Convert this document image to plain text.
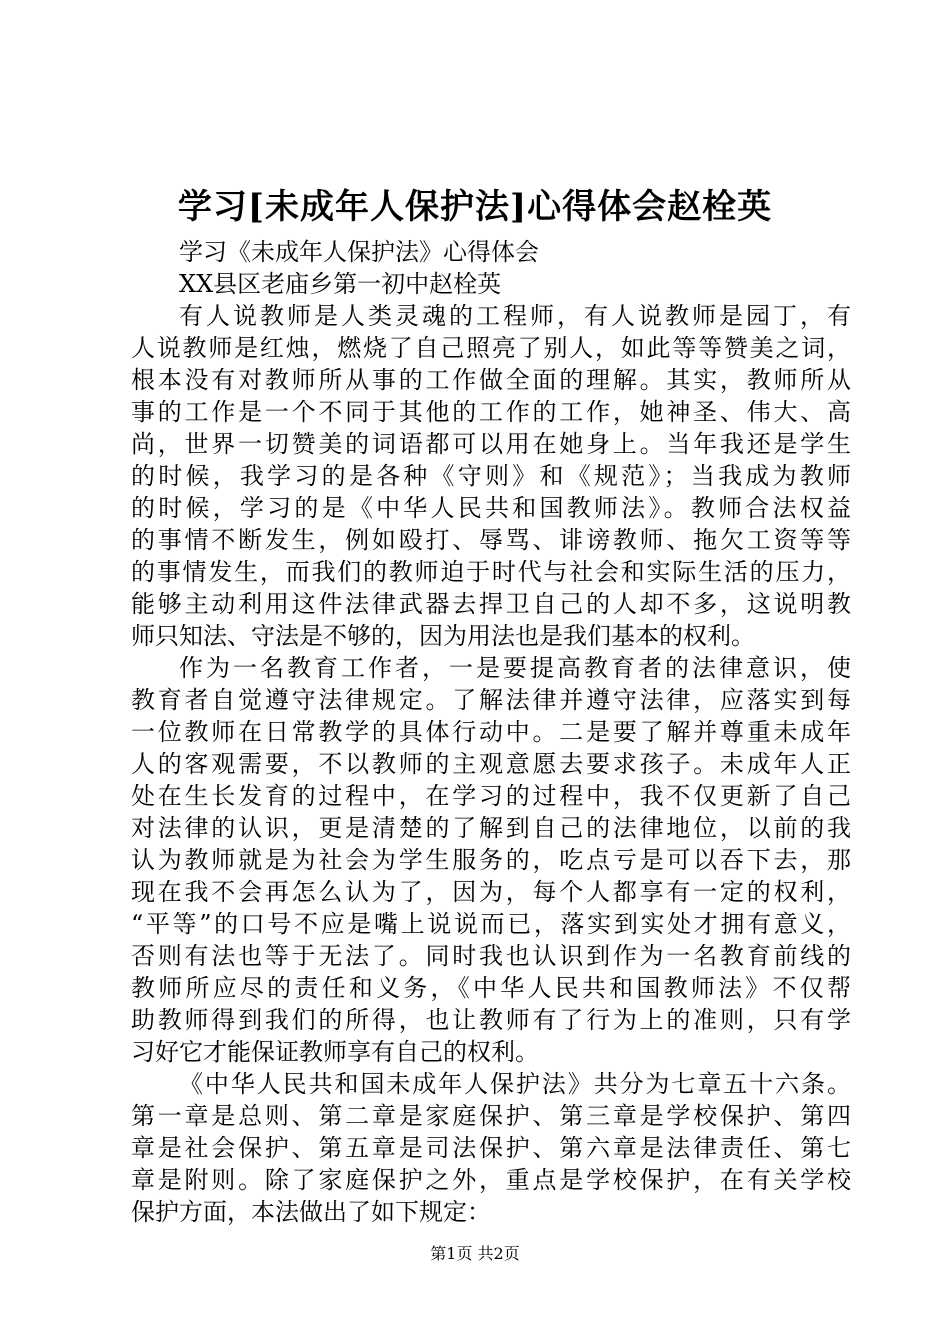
学习[未成年人保护法]心得体会赵栓英
学习《未成年人保护法》心得体会
XX县区老庙乡第一初中赵栓英
有人说教师是人类灵魂的工程师，有人说教师是园丁，有
人说教师是红烛，燃烧了自己照亮了别人，如此等等赞美之词，
根本没有对教师所从事的工作做全面的理解。其实，教师所从
事的工作是一个不同于其他的工作的工作，她神圣、伟大、高
尚，世界一切赞美的词语都可以用在她身上。当年我还是学生
的时候，我学习的是各种《守则》和《规范》；当我成为教师
的时候，学习的是《中华人民共和国教师法》。教师合法权益
的事情不断发生，例如殴打、辱骂、诽谤教师、拖欠工资等等
的事情发生，而我们的教师迫于时代与社会和实际生活的压力，
能够主动利用这件法律武器去捍卫自己的人却不多，这说明教
师只知法、守法是不够的，因为用法也是我们基本的权利。
作为一名教育工作者，一是要提高教育者的法律意识，使
教育者自觉遵守法律规定。了解法律并遵守法律，应落实到每
一位教师在日常教学的具体行动中。二是要了解并尊重未成年
人的客观需要，不以教师的主观意愿去要求孩子。未成年人正
处在生长发育的过程中，在学习的过程中，我不仅更新了自己
对法律的认识，更是清楚的了解到自己的法律地位，以前的我
认为教师就是为社会为学生服务的，吃点亏是可以吞下去，那
现在我不会再怎么认为了，因为，每个人都享有一定的权利，
“平等”的口号不应是嘴上说说而已，落实到实处才拥有意义，
否则有法也等于无法了。同时我也认识到作为一名教育前线的
教师所应尽的责任和义务，《中华人民共和国教师法》不仅帮
助教师得到我们的所得，也让教师有了行为上的准则，只有学
习好它才能保证教师享有自己的权利。
《中华人民共和国未成年人保护法》共分为七章五十六条。
第一章是总则、第二章是家庭保护、第三章是学校保护、第四
章是社会保护、第五章是司法保护、第六章是法律责任、第七
章是附则。除了家庭保护之外，重点是学校保护，在有关学校
保护方面，本法做出了如下规定：
第1页 共2页
